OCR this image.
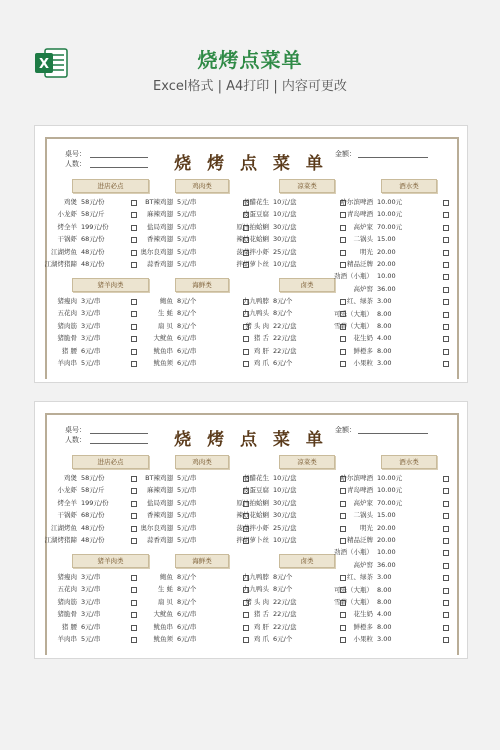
X	烧烤点菜单
Excel格式 | A4打印 | 内容可更改
烧 烤 点 菜 单
桌号：
人数：
金额：
进店必点
鸡煲 58元/份
小龙虾 58元/斤
烤全羊 199元/份
干锅虾 68元/份
江湖烤鱼 48元/份
江湖烤猪蹄 48元/份
猪羊肉类
猪瘦肉 3元/串
五花肉 3元/串
猪肉筋 3元/串
猪脆骨 3元/串
猪 腰 6元/串
羊肉串 5元/串
鸡肉类
BT辣鸡翅 5元/串
麻辣鸡翅 5元/串
盐局鸡翅 5元/串
香辣鸡翅 5元/串
奥尔良鸡翅 5元/串
蒜香鸡翅 5元/串
海鲜类
鲍鱼 8元/个
生 蚝 8元/个
扇 贝 8元/个
大鱿鱼 6元/串
鱿鱼串 6元/串
鱿鱼须 6元/串
凉菜类
老醋花生 10元/盘
皮蛋豆腐 10元/盘
原汁拍蛤蜊 30元/盘
辣炒花蛤蜊 30元/盘
菠菜拌小虾 25元/盘
拌胡萝卜丝 10元/盘
卤类
九九鸭脖 8元/个
九九鸭头 8元/个
猪 头 肉 22元/盘
猪 舌 22元/盘
鸡 肝 22元/盘
鸡 爪 6元/个
酒水类
哈尔滨啤酒 10.00元
青岛啤酒 10.00元
高炉家 70.00元
二锅头 15.00
明光 20.00
精品泛牌 20.00
劲酒（小瓶） 10.00
高炉窖 36.00
红、绿茶 3.00
可乐（大瓶） 8.00
雪碧（大瓶） 8.00
花生奶 4.00
鲜橙多 8.00
小果粒 3.00
烧 烤 点 菜 单
桌号：
人数：
金额：
进店必点
鸡煲 58元/份
小龙虾 58元/斤
烤全羊 199元/份
干锅虾 68元/份
江湖烤鱼 48元/份
江湖烤猪蹄 48元/份
猪羊肉类
猪瘦肉 3元/串
五花肉 3元/串
猪肉筋 3元/串
猪脆骨 3元/串
猪 腰 6元/串
羊肉串 5元/串
鸡肉类
BT辣鸡翅 5元/串
麻辣鸡翅 5元/串
盐局鸡翅 5元/串
香辣鸡翅 5元/串
奥尔良鸡翅 5元/串
蒜香鸡翅 5元/串
海鲜类
鲍鱼 8元/个
生 蚝 8元/个
扇 贝 8元/个
大鱿鱼 6元/串
鱿鱼串 6元/串
鱿鱼须 6元/串
凉菜类
老醋花生 10元/盘
皮蛋豆腐 10元/盘
原汁拍蛤蜊 30元/盘
辣炒花蛤蜊 30元/盘
菠菜拌小虾 25元/盘
拌胡萝卜丝 10元/盘
卤类
九九鸭脖 8元/个
九九鸭头 8元/个
猪 头 肉 22元/盘
猪 舌 22元/盘
鸡 肝 22元/盘
鸡 爪 6元/个
酒水类
哈尔滨啤酒 10.00元
青岛啤酒 10.00元
高炉家 70.00元
二锅头 15.00
明光 20.00
精品泛牌 20.00
劲酒（小瓶） 10.00
高炉窖 36.00
红、绿茶 3.00
可乐（大瓶） 8.00
雪碧（大瓶） 8.00
花生奶 4.00
鲜橙多 8.00
小果粒 3.00
